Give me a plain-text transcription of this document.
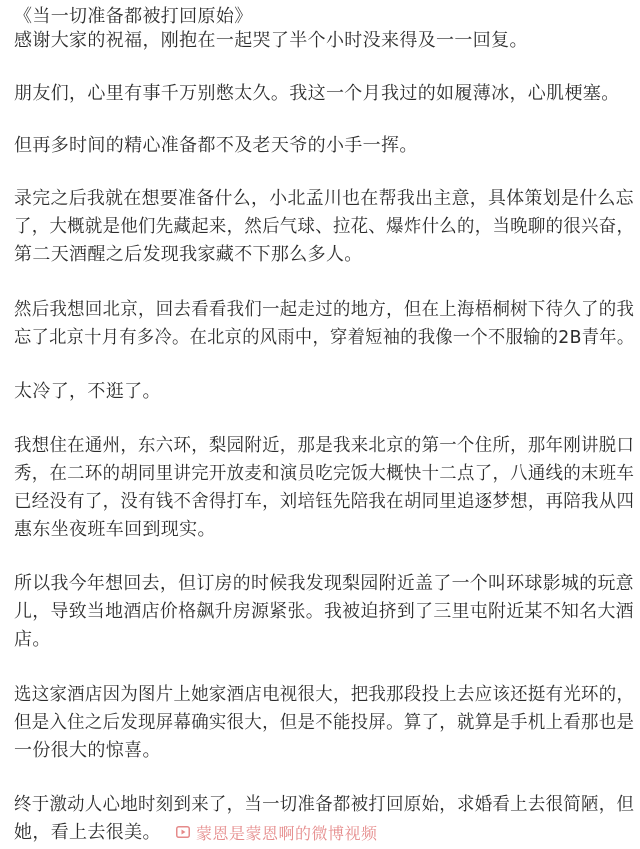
《当一切准备都被打回原始》
感谢大家的祝福，刚抱在一起哭了半个小时没来得及一一回复。
朋友们，心里有事千万别憋太久。我这一个月我过的如履薄冰，心肌梗塞。
但再多时间的精心准备都不及老天爷的小手一挥。
录完之后我就在想要准备什么，小北孟川也在帮我出主意，具体策划是什么忘
了，大概就是他们先藏起来，然后气球、拉花、爆炸什么的，当晚聊的很兴奋，
第二天酒醒之后发现我家藏不下那么多人。
然后我想回北京，回去看看我们一起走过的地方，但在上海梧桐树下待久了的我
忘了北京十月有多冷。在北京的风雨中，穿着短袖的我像一个不服输的2B青年。
太冷了，不逛了。
我想住在通州，东六环，梨园附近，那是我来北京的第一个住所，那年刚讲脱口
秀，在二环的胡同里讲完开放麦和演员吃完饭大概快十二点了，八通线的末班车
已经没有了，没有钱不舍得打车，刘培钰先陪我在胡同里追逐梦想，再陪我从四
惠东坐夜班车回到现实。
所以我今年想回去，但订房的时候我发现梨园附近盖了一个叫环球影城的玩意
儿，导致当地酒店价格飙升房源紧张。我被迫挤到了三里屯附近某不知名大酒
店。
选这家酒店因为图片上她家酒店电视很大，把我那段投上去应该还挺有光环的，
但是入住之后发现屏幕确实很大，但是不能投屏。算了，就算是手机上看那也是
一份很大的惊喜。
终于激动人心地时刻到来了，当一切准备都被打回原始，求婚看上去很简陋，但
她，看上去很美。 蒙恩是蒙恩啊的微博视频
